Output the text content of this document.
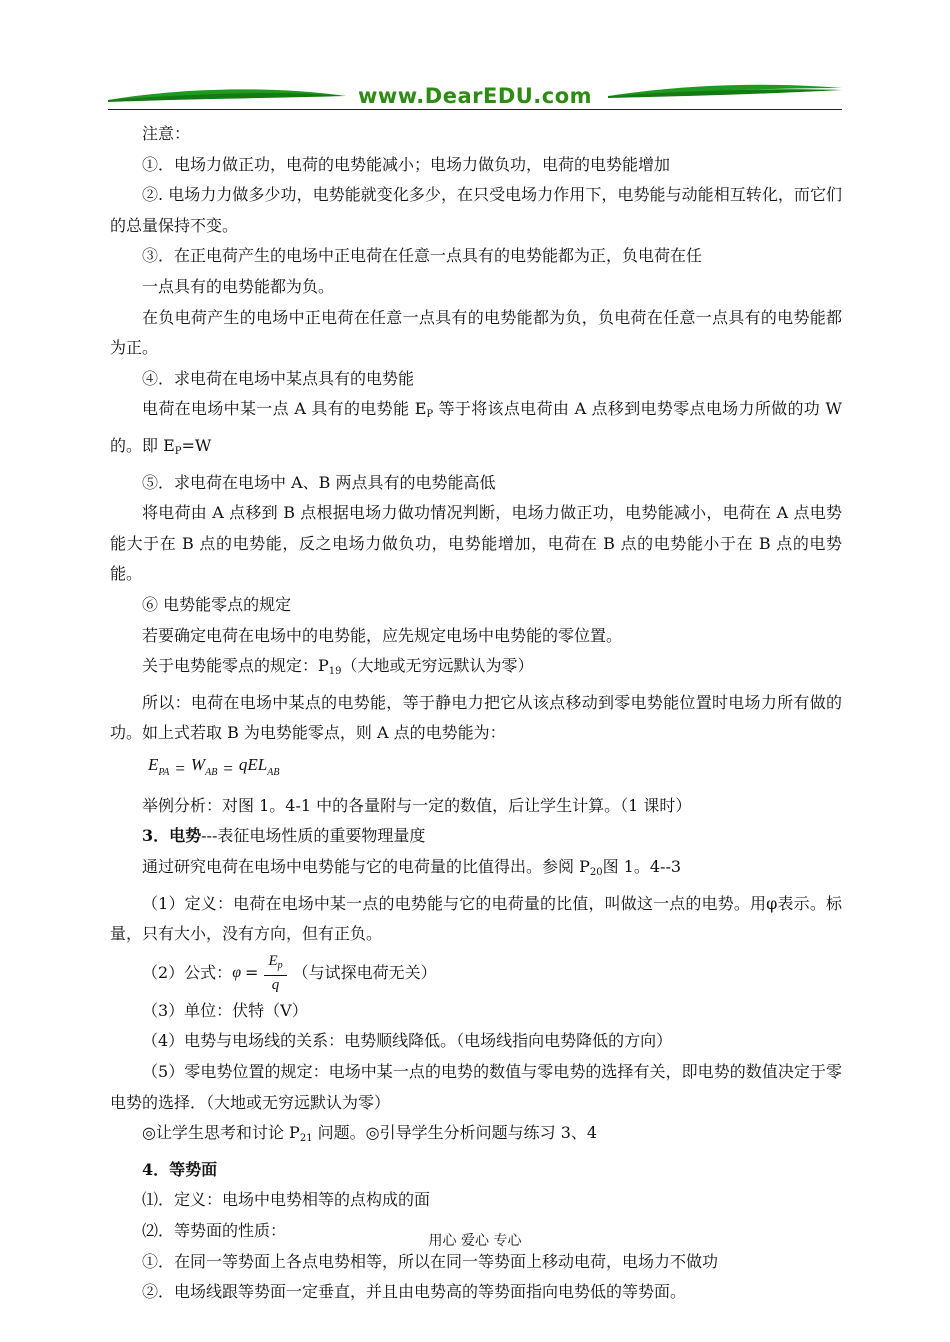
www.DearEDU.com

注意：

①．电场力做正功，电荷的电势能减小；电场力做负功，电荷的电势能增加

②. 电场力力做多少功，电势能就变化多少，在只受电场力作用下，电势能与动能相互转化，而它们的总量保持不变。

③．在正电荷产生的电场中正电荷在任意一点具有的电势能都为正，负电荷在任

一点具有的电势能都为负。

在负电荷产生的电场中正电荷在任意一点具有的电势能都为负，负电荷在任意一点具有的电势能都为正。

④．求电荷在电场中某点具有的电势能

电荷在电场中某一点 A 具有的电势能 $E_P$ 等于将该点电荷由 A 点移到电势零点电场力所做的功 W 的。即 $E_P=W$

⑤．求电荷在电场中 A、B 两点具有的电势能高低

将电荷由 A 点移到 B 点根据电场力做功情况判断，电场力做正功，电势能减小，电荷在 A 点电势能大于在 B 点的电势能，反之电场力做负功，电势能增加，电荷在 B 点的电势能小于在 B 点的电势能。

⑥ 电势能零点的规定

若要确定电荷在电场中的电势能，应先规定电场中电势能的零位置。

关于电势能零点的规定：$P_{19}$（大地或无穷远默认为零）

所以：电荷在电场中某点的电势能，等于静电力把它从该点移动到零电势能位置时电场力所有做的功。如上式若取 B 为电势能零点，则 A 点的电势能为：

$E_{PA} = W_{AB} = qEL_{AB}$

举例分析：对图 1。4-1 中的各量附与一定的数值，后让学生计算。（1 课时）

3．电势---表征电场性质的重要物理量度

通过研究电荷在电场中电势能与它的电荷量的比值得出。参阅 $P_{20}$图 1。4--3

（1）定义：电荷在电场中某一点的电势能与它的电荷量的比值，叫做这一点的电势。用φ表示。标量，只有大小，没有方向，但有正负。

（2）公式： $\varphi = \frac{E_p}{q}$ （与试探电荷无关）

（3）单位：伏特（V）

（4）电势与电场线的关系：电势顺线降低。（电场线指向电势降低的方向）

（5）零电势位置的规定：电场中某一点的电势的数值与零电势的选择有关，即电势的数值决定于零电势的选择．（大地或无穷远默认为零）

◎让学生思考和讨论 $P_{21}$ 问题。◎引导学生分析问题与练习 3、4

4．等势面

⑴．定义：电场中电势相等的点构成的面

⑵．等势面的性质：

①．在同一等势面上各点电势相等，所以在同一等势面上移动电荷，电场力不做功

②．电场线跟等势面一定垂直，并且由电势高的等势面指向电势低的等势面。

用心 爱心 专心
